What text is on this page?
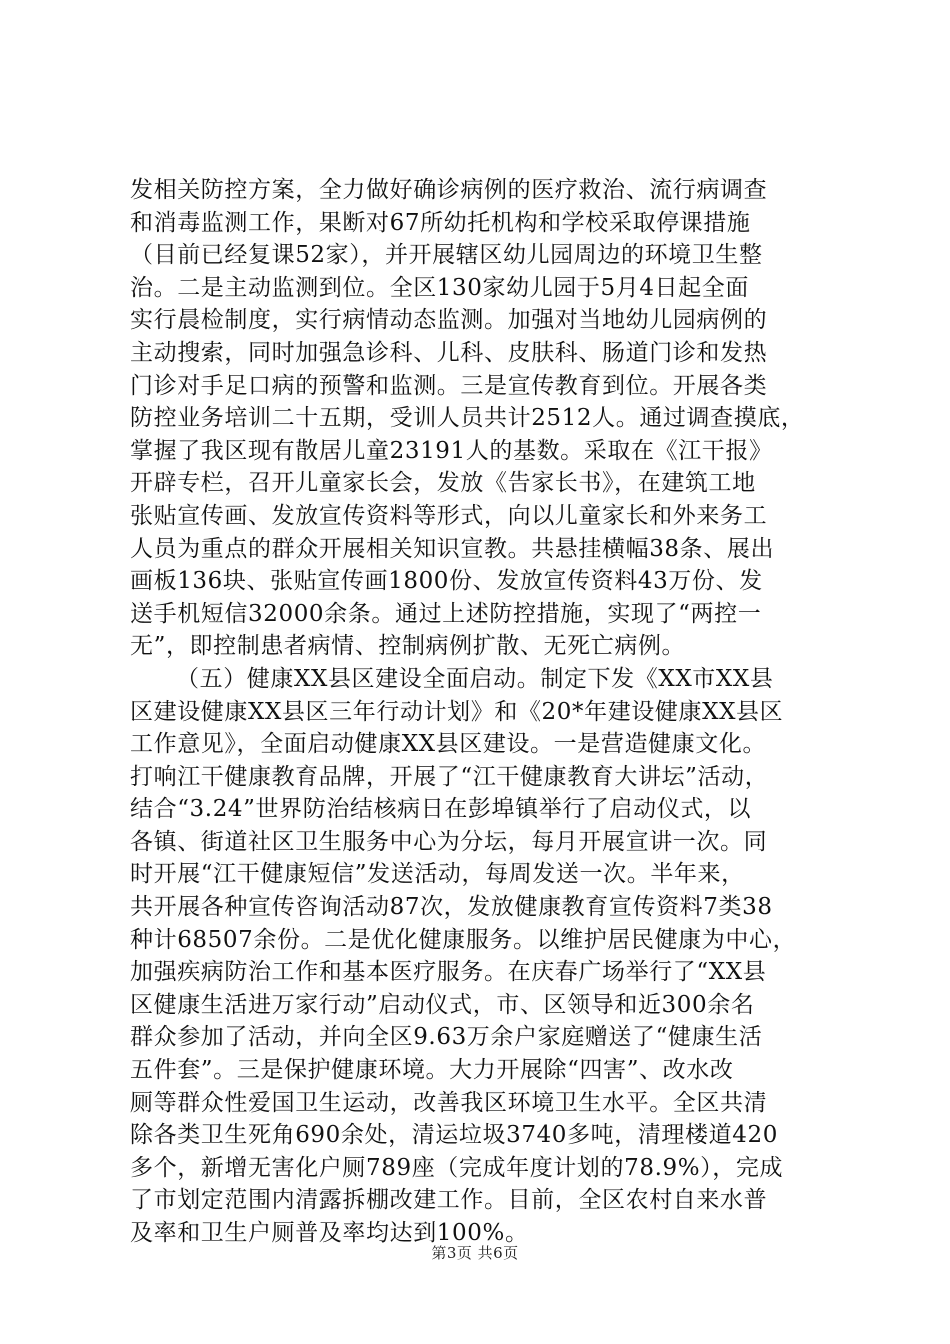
发相关防控方案，全力做好确诊病例的医疗救治、流行病调查
和消毒监测工作，果断对67所幼托机构和学校采取停课措施
（目前已经复课52家），并开展辖区幼儿园周边的环境卫生整
治。二是主动监测到位。全区130家幼儿园于5月4日起全面
实行晨检制度，实行病情动态监测。加强对当地幼儿园病例的
主动搜索，同时加强急诊科、儿科、皮肤科、肠道门诊和发热
门诊对手足口病的预警和监测。三是宣传教育到位。开展各类
防控业务培训二十五期，受训人员共计2512人。通过调查摸底，
掌握了我区现有散居儿童23191人的基数。采取在《江干报》
开辟专栏，召开儿童家长会，发放《告家长书》，在建筑工地
张贴宣传画、发放宣传资料等形式，向以儿童家长和外来务工
人员为重点的群众开展相关知识宣教。共悬挂横幅38条、展出
画板136块、张贴宣传画1800份、发放宣传资料43万份、发
送手机短信32000余条。通过上述防控措施，实现了“两控一
无”，即控制患者病情、控制病例扩散、无死亡病例。
（五）健康XX县区建设全面启动。制定下发《XX市XX县
区建设健康XX县区三年行动计划》和《20*年建设健康XX县区
工作意见》，全面启动健康XX县区建设。一是营造健康文化。
打响江干健康教育品牌，开展了“江干健康教育大讲坛”活动，
结合“3.24”世界防治结核病日在彭埠镇举行了启动仪式，以
各镇、街道社区卫生服务中心为分坛，每月开展宣讲一次。同
时开展“江干健康短信”发送活动，每周发送一次。半年来，
共开展各种宣传咨询活动87次，发放健康教育宣传资料7类38
种计68507余份。二是优化健康服务。以维护居民健康为中心，
加强疾病防治工作和基本医疗服务。在庆春广场举行了“XX县
区健康生活进万家行动”启动仪式，市、区领导和近300余名
群众参加了活动，并向全区9.63万余户家庭赠送了“健康生活
五件套”。三是保护健康环境。大力开展除“四害”、改水改
厕等群众性爱国卫生运动，改善我区环境卫生水平。全区共清
除各类卫生死角690余处，清运垃圾3740多吨，清理楼道420
多个，新增无害化户厕789座（完成年度计划的78.9%），完成
了市划定范围内清露拆棚改建工作。目前，全区农村自来水普
及率和卫生户厕普及率均达到100%。
第3页 共6页
